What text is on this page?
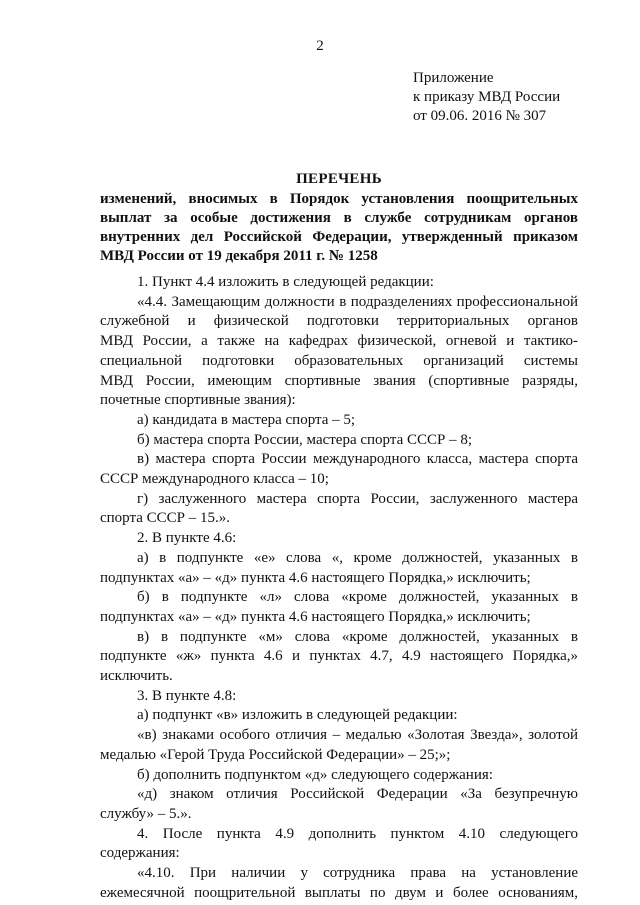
2
Приложение
к приказу МВД России
от 09.06. 2016 № 307
ПЕРЕЧЕНЬ
изменений, вносимых в Порядок установления поощрительных
выплат за особые достижения в службе сотрудникам органов
внутренних дел Российской Федерации, утвержденный приказом
МВД России от 19 декабря 2011 г. № 1258
1. Пункт 4.4 изложить в следующей редакции:
«4.4. Замещающим должности в подразделениях профессиональной
служебной и физической подготовки территориальных органов
МВД России, а также на кафедрах физической, огневой и тактико-
специальной подготовки образовательных организаций системы
МВД России, имеющим спортивные звания (спортивные разряды,
почетные спортивные звания):
а) кандидата в мастера спорта – 5;
б) мастера спорта России, мастера спорта СССР – 8;
в) мастера спорта России международного класса, мастера спорта
СССР международного класса – 10;
г) заслуженного мастера спорта России, заслуженного мастера
спорта СССР – 15.».
2. В пункте 4.6:
а) в подпункте «е» слова «, кроме должностей, указанных в
подпунктах «а» – «д» пункта 4.6 настоящего Порядка,» исключить;
б) в подпункте «л» слова «кроме должностей, указанных в
подпунктах «а» – «д» пункта 4.6 настоящего Порядка,» исключить;
в) в подпункте «м» слова «кроме должностей, указанных в
подпункте «ж» пункта 4.6 и пунктах 4.7, 4.9 настоящего Порядка,»
исключить.
3. В пункте 4.8:
а) подпункт «в» изложить в следующей редакции:
«в) знаками особого отличия – медалью «Золотая Звезда», золотой
медалью «Герой Труда Российской Федерации» – 25;»;
б) дополнить подпунктом «д» следующего содержания:
«д) знаком отличия Российской Федерации «За безупречную
службу» – 5.».
4. После пункта 4.9 дополнить пунктом 4.10 следующего
содержания:
«4.10. При наличии у сотрудника права на установление
ежемесячной поощрительной выплаты по двум и более основаниям,
